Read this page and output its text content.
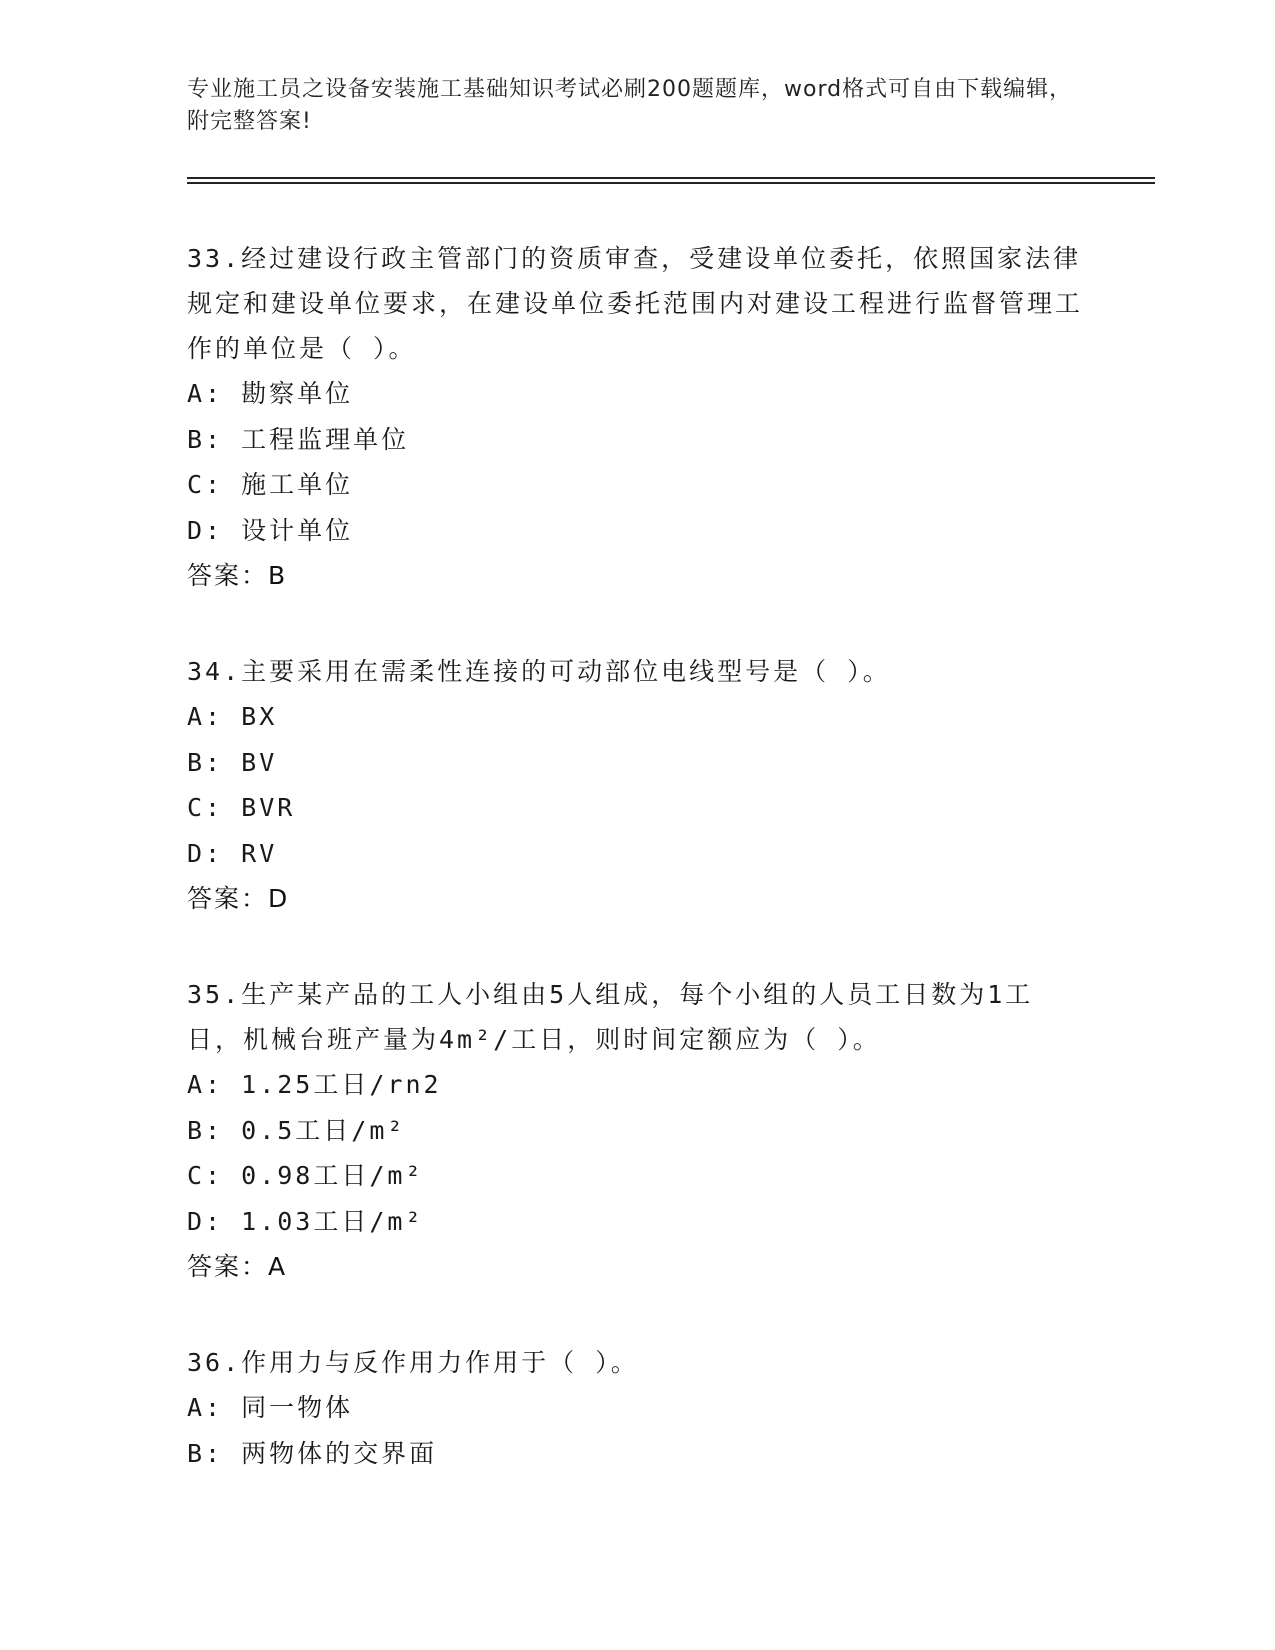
专业施工员之设备安装施工基础知识考试必刷200题题库，word格式可自由下载编辑，附完整答案!
33.经过建设行政主管部门的资质审查，受建设单位委托，依照国家法律规定和建设单位要求，在建设单位委托范围内对建设工程进行监督管理工作的单位是（ ）。
A: 勘察单位
B: 工程监理单位
C: 施工单位
D: 设计单位
答案：B
34.主要采用在需柔性连接的可动部位电线型号是（ ）。
A: BX
B: BV
C: BVR
D: RV
答案：D
35.生产某产品的工人小组由5人组成，每个小组的人员工日数为1工日，机械台班产量为4m²/工日，则时间定额应为（ ）。
A: 1.25工日/rn2
B: 0.5工日/m²
C: 0.98工日/m²
D: 1.03工日/m²
答案：A
36.作用力与反作用力作用于（ ）。
A: 同一物体
B: 两物体的交界面
